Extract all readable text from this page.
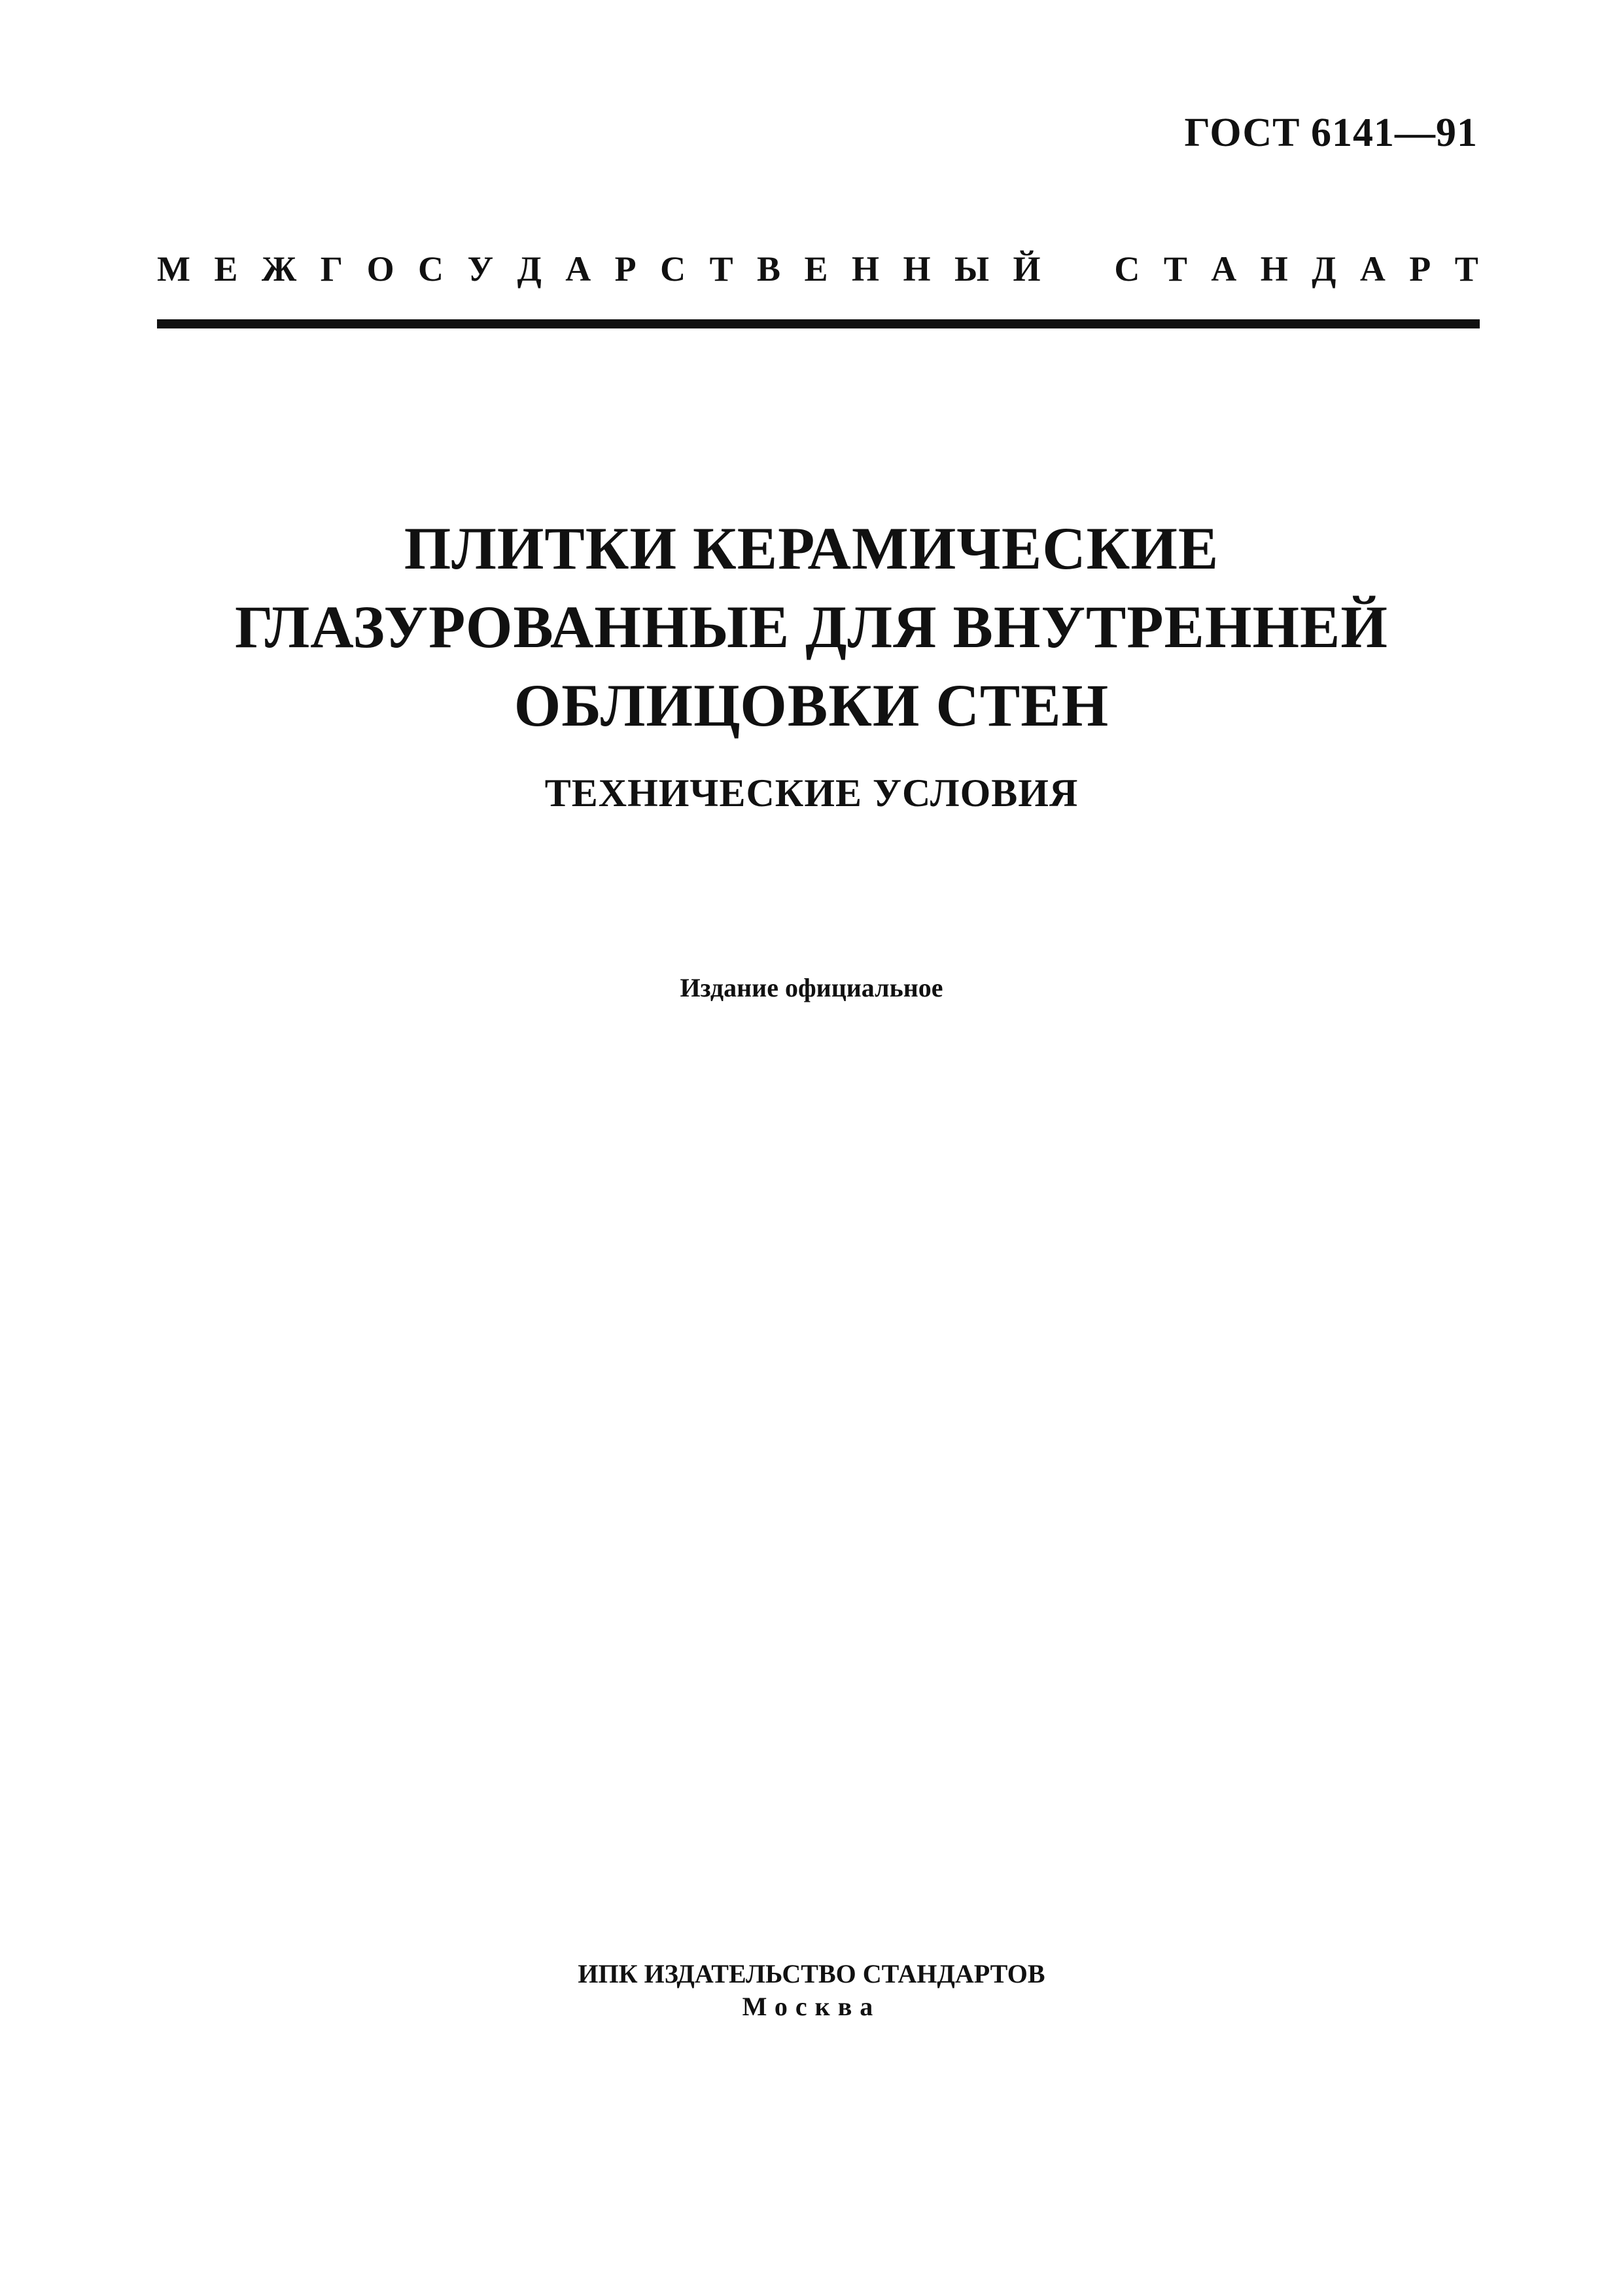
ГОСТ 6141—91
М Е Ж Г О С У Д А Р С Т В Е Н Н Ы Й С Т А Н Д А Р Т
ПЛИТКИ КЕРАМИЧЕСКИЕ
ГЛАЗУРОВАННЫЕ ДЛЯ ВНУТРЕННЕЙ
ОБЛИЦОВКИ СТЕН
ТЕХНИЧЕСКИЕ УСЛОВИЯ
Издание официальное
ИПК ИЗДАТЕЛЬСТВО СТАНДАРТОВ
Москва
